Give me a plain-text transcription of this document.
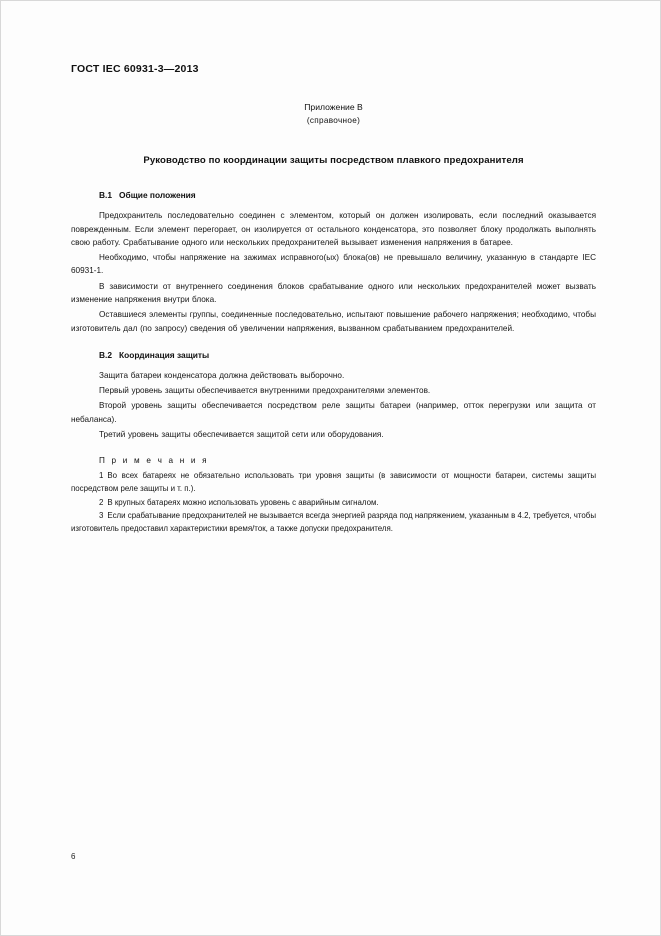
ГОСТ IEC 60931-3—2013
Приложение В
(справочное)
Руководство по координации защиты посредством плавкого предохранителя
В.1 Общие положения

Предохранитель последовательно соединен с элементом, который он должен изолировать, если последний оказывается поврежденным. Если элемент перегорает, он изолируется от остального конденсатора, это позволяет блоку продолжать выполнять свою работу. Срабатывание одного или нескольких предохранителей вызывает изменения напряжения в батарее.

Необходимо, чтобы напряжение на зажимах исправного(ых) блока(ов) не превышало величину, указанную в стандарте IEC 60931-1.

В зависимости от внутреннего соединения блоков срабатывание одного или нескольких предохранителей может вызвать изменение напряжения внутри блока.

Оставшиеся элементы группы, соединенные последовательно, испытают повышение рабочего напряжения; необходимо, чтобы изготовитель дал (по запросу) сведения об увеличении напряжения, вызванном срабатыванием предохранителей.

В.2 Координация защиты

Защита батареи конденсатора должна действовать выборочно.

Первый уровень защиты обеспечивается внутренними предохранителями элементов.

Второй уровень защиты обеспечивается посредством реле защиты батареи (например, отток перегрузки или защита от небаланса).

Третий уровень защиты обеспечивается защитой сети или оборудования.

П р и м е ч а н и я

1 Во всех батареях не обязательно использовать три уровня защиты (в зависимости от мощности батареи, системы защиты посредством реле защиты и т. п.).

2 В крупных батареях можно использовать уровень с аварийным сигналом.

3 Если срабатывание предохранителей не вызывается всегда энергией разряда под напряжением, указанным в 4.2, требуется, чтобы изготовитель предоставил характеристики время/ток, а также допуски предохранителя.

6
